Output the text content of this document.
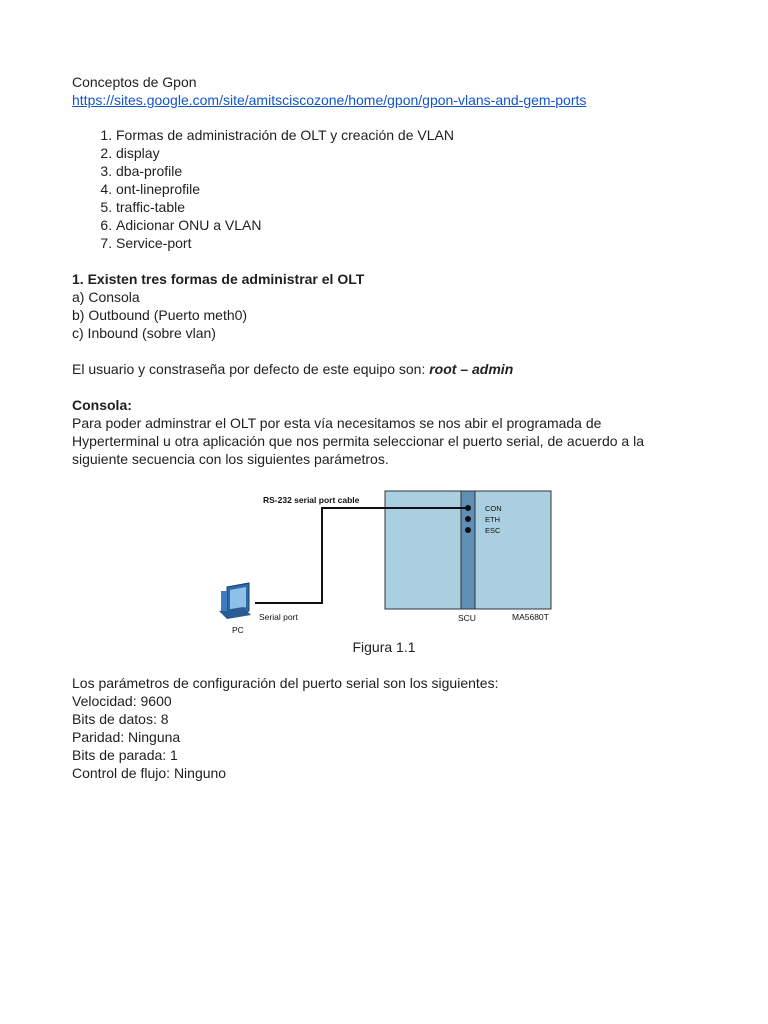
Conceptos de Gpon

https://sites.google.com/site/amitsciscozone/home/gpon/gpon-vlans-and-gem-ports

1. Formas de administración de OLT y creación de VLAN
2. display
3. dba-profile
4. ont-lineprofile
5. traffic-table
6. Adicionar ONU a VLAN
7. Service-port

1. Existen tres formas de administrar el OLT

a) Consola

b) Outbound (Puerto meth0)

c) Inbound (sobre vlan)

El usuario y constraseña por defecto de este equipo son: root – admin

Consola:

Para poder adminstrar el OLT por esta vía necesitamos se nos abir el programada de Hyperterminal u otra aplicación que nos permita seleccionar el puerto serial, de acuerdo a la siguiente secuencia con los siguientes parámetros.

RS-232 serial port cable
CON
ETH
ESC
Serial port
PC
SCU	MA5680T
Figura 1.1

Los parámetros de configuración del puerto serial son los siguientes:

Velocidad: 9600

Bits de datos: 8

Paridad: Ninguna

Bits de parada: 1

Control de flujo: Ninguno
